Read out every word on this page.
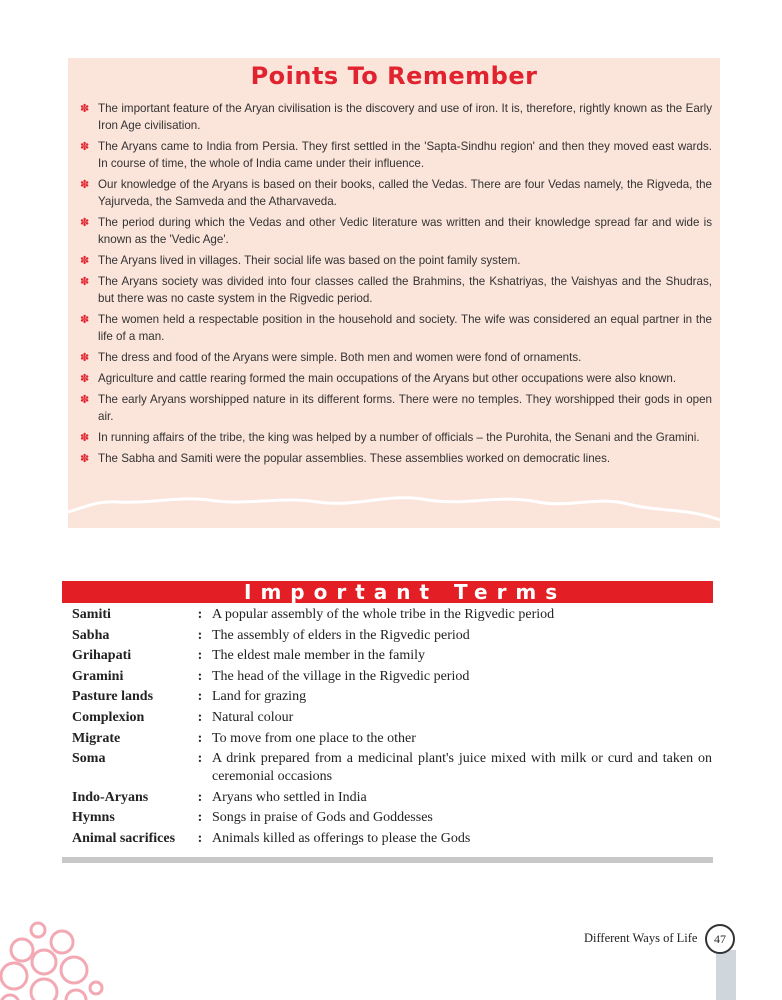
Points To Remember
✽ The important feature of the Aryan civilisation is the discovery and use of iron. It is, therefore, rightly known as the Early Iron Age civilisation.
✽ The Aryans came to India from Persia. They first settled in the 'Sapta-Sindhu region' and then they moved east wards. In course of time, the whole of India came under their influence.
✽ Our knowledge of the Aryans is based on their books, called the Vedas. There are four Vedas namely, the Rigveda, the Yajurveda, the Samveda and the Atharvaveda.
✽ The period during which the Vedas and other Vedic literature was written and their knowledge spread far and wide is known as the 'Vedic Age'.
✽ The Aryans lived in villages. Their social life was based on the point family system.
✽ The Aryans society was divided into four classes called the Brahmins, the Kshatriyas, the Vaishyas and the Shudras, but there was no caste system in the Rigvedic period.
✽ The women held a respectable position in the household and society. The wife was considered an equal partner in the life of a man.
✽ The dress and food of the Aryans were simple. Both men and women were fond of ornaments.
✽ Agriculture and cattle rearing formed the main occupations of the Aryans but other occupations were also known.
✽ The early Aryans worshipped nature in its different forms. There were no temples. They worshipped their gods in open air.
✽ In running affairs of the tribe, the king was helped by a number of officials – the Purohita, the Senani and the Gramini.
✽ The Sabha and Samiti were the popular assemblies. These assemblies worked on democratic lines.
Important Terms
Samiti	:	A popular assembly of the whole tribe in the Rigvedic period
Sabha	:	The assembly of elders in the Rigvedic period
Grihapati	:	The eldest male member in the family
Gramini	:	The head of the village in the Rigvedic period
Pasture lands	:	Land for grazing
Complexion	:	Natural colour
Migrate	:	To move from one place to the other
Soma	:	A drink prepared from a medicinal plant's juice mixed with milk or curd and taken on ceremonial occasions
Indo-Aryans	:	Aryans who settled in India
Hymns	:	Songs in praise of Gods and Goddesses
Animal sacrifices	:	Animals killed as offerings to please the Gods
Different Ways of Life	47
